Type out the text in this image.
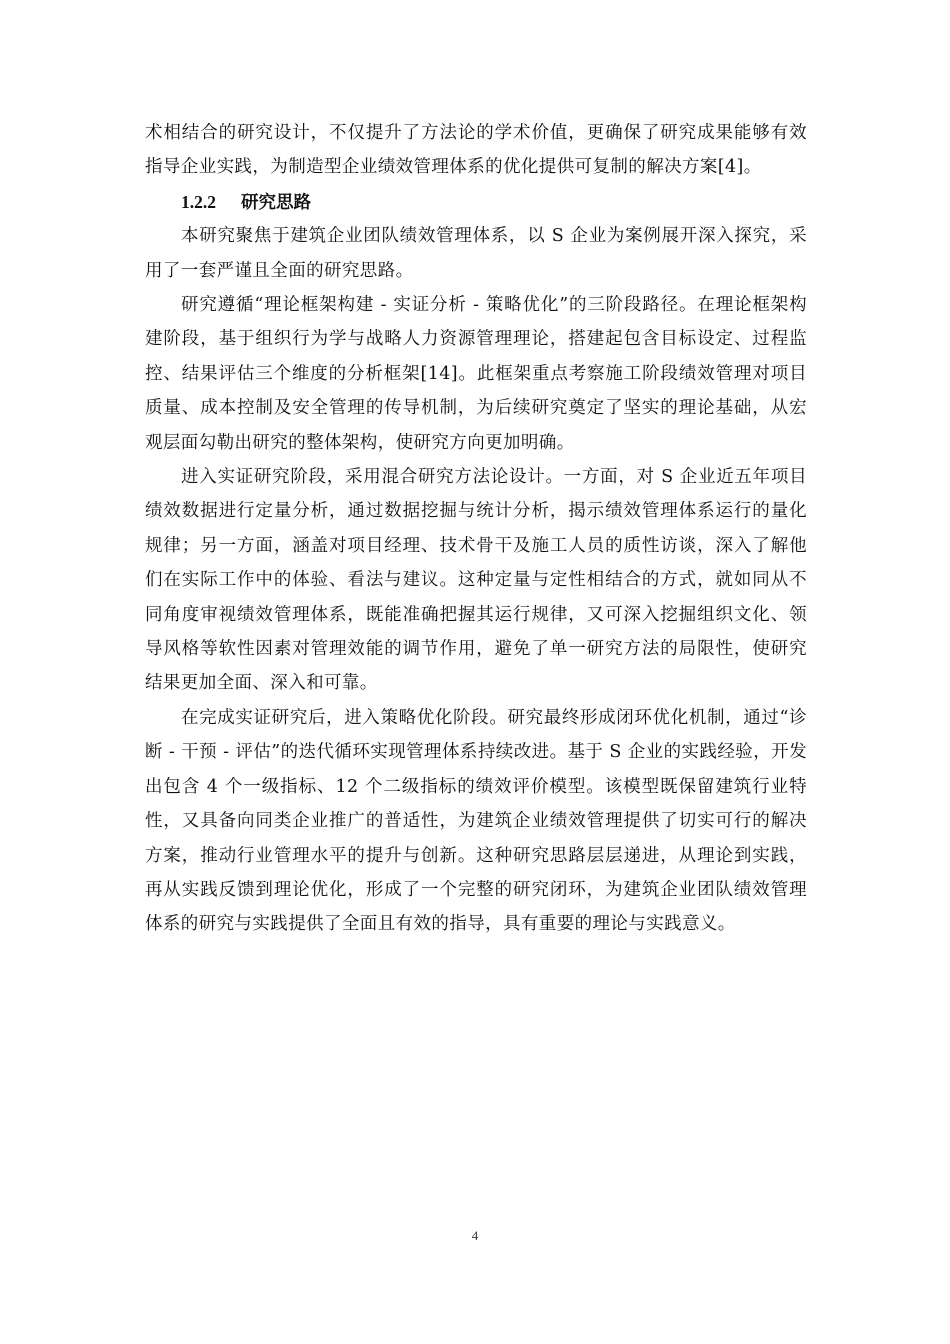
术相结合的研究设计，不仅提升了方法论的学术价值，更确保了研究成果能够有效指导企业实践，为制造型企业绩效管理体系的优化提供可复制的解决方案[4]。

1.2.2 研究思路

本研究聚焦于建筑企业团队绩效管理体系，以 S 企业为案例展开深入探究，采用了一套严谨且全面的研究思路。

研究遵循“理论框架构建 - 实证分析 - 策略优化”的三阶段路径。在理论框架构建阶段，基于组织行为学与战略人力资源管理理论，搭建起包含目标设定、过程监控、结果评估三个维度的分析框架[14]。此框架重点考察施工阶段绩效管理对项目质量、成本控制及安全管理的传导机制，为后续研究奠定了坚实的理论基础，从宏观层面勾勒出研究的整体架构，使研究方向更加明确。

进入实证研究阶段，采用混合研究方法论设计。一方面，对 S 企业近五年项目绩效数据进行定量分析，通过数据挖掘与统计分析，揭示绩效管理体系运行的量化规律；另一方面，涵盖对项目经理、技术骨干及施工人员的质性访谈，深入了解他们在实际工作中的体验、看法与建议。这种定量与定性相结合的方式，就如同从不同角度审视绩效管理体系，既能准确把握其运行规律，又可深入挖掘组织文化、领导风格等软性因素对管理效能的调节作用，避免了单一研究方法的局限性，使研究结果更加全面、深入和可靠。

在完成实证研究后，进入策略优化阶段。研究最终形成闭环优化机制，通过“诊断 - 干预 - 评估”的迭代循环实现管理体系持续改进。基于 S 企业的实践经验，开发出包含 4 个一级指标、12 个二级指标的绩效评价模型。该模型既保留建筑行业特性，又具备向同类企业推广的普适性，为建筑企业绩效管理提供了切实可行的解决方案，推动行业管理水平的提升与创新。这种研究思路层层递进，从理论到实践，再从实践反馈到理论优化，形成了一个完整的研究闭环，为建筑企业团队绩效管理体系的研究与实践提供了全面且有效的指导，具有重要的理论与实践意义。

4
